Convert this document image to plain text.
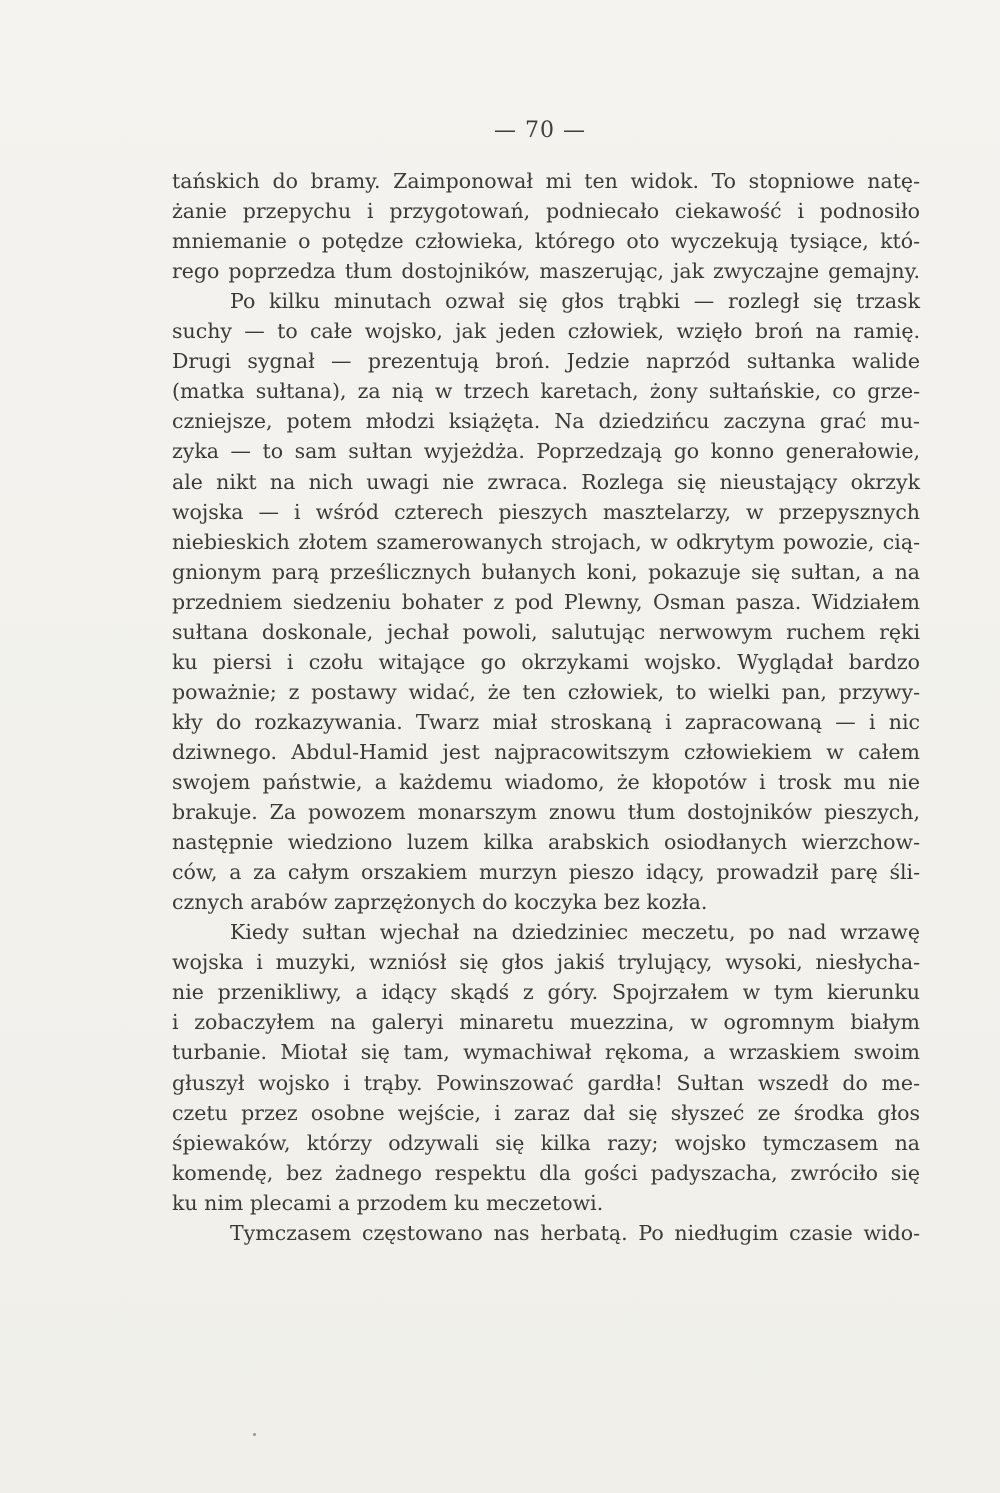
— 70 —
tańskich do bramy. Zaimponował mi ten widok. To stopniowe natę-
żanie przepychu i przygotowań, podniecało ciekawość i podnosiło
mniemanie o potędze człowieka, którego oto wyczekują tysiące, któ-
rego poprzedza tłum dostojników, maszerując, jak zwyczajne gemajny.
Po kilku minutach ozwał się głos trąbki — rozległ się trzask
suchy — to całe wojsko, jak jeden człowiek, wzięło broń na ramię.
Drugi sygnał — prezentują broń. Jedzie naprzód sułtanka walide
(matka sułtana), za nią w trzech karetach, żony sułtańskie, co grze-
czniejsze, potem młodzi książęta. Na dziedzińcu zaczyna grać mu-
zyka — to sam sułtan wyjeżdża. Poprzedzają go konno generałowie,
ale nikt na nich uwagi nie zwraca. Rozlega się nieustający okrzyk
wojska — i wśród czterech pieszych masztelarzy, w przepysznych
niebieskich złotem szamerowanych strojach, w odkrytym powozie, cią-
gnionym parą prześlicznych bułanych koni, pokazuje się sułtan, a na
przedniem siedzeniu bohater z pod Plewny, Osman pasza. Widziałem
sułtana doskonale, jechał powoli, salutując nerwowym ruchem ręki
ku piersi i czołu witające go okrzykami wojsko. Wyglądał bardzo
poważnie; z postawy widać, że ten człowiek, to wielki pan, przywy-
kły do rozkazywania. Twarz miał stroskaną i zapracowaną — i nic
dziwnego. Abdul-Hamid jest najpracowitszym człowiekiem w całem
swojem państwie, a każdemu wiadomo, że kłopotów i trosk mu nie
brakuje. Za powozem monarszym znowu tłum dostojników pieszych,
następnie wiedziono luzem kilka arabskich osiodłanych wierzchow-
ców, a za całym orszakiem murzyn pieszo idący, prowadził parę śli-
cznych arabów zaprzężonych do koczyka bez kozła.
Kiedy sułtan wjechał na dziedziniec meczetu, po nad wrzawę
wojska i muzyki, wzniósł się głos jakiś trylujący, wysoki, niesłycha-
nie przenikliwy, a idący skądś z góry. Spojrzałem w tym kierunku
i zobaczyłem na galeryi minaretu muezzina, w ogromnym białym
turbanie. Miotał się tam, wymachiwał rękoma, a wrzaskiem swoim
głuszył wojsko i trąby. Powinszować gardła! Sułtan wszedł do me-
czetu przez osobne wejście, i zaraz dał się słyszeć ze środka głos
śpiewaków, którzy odzywali się kilka razy; wojsko tymczasem na
komendę, bez żadnego respektu dla gości padyszacha, zwróciło się
ku nim plecami a przodem ku meczetowi.
Tymczasem częstowano nas herbatą. Po niedługim czasie wido-
